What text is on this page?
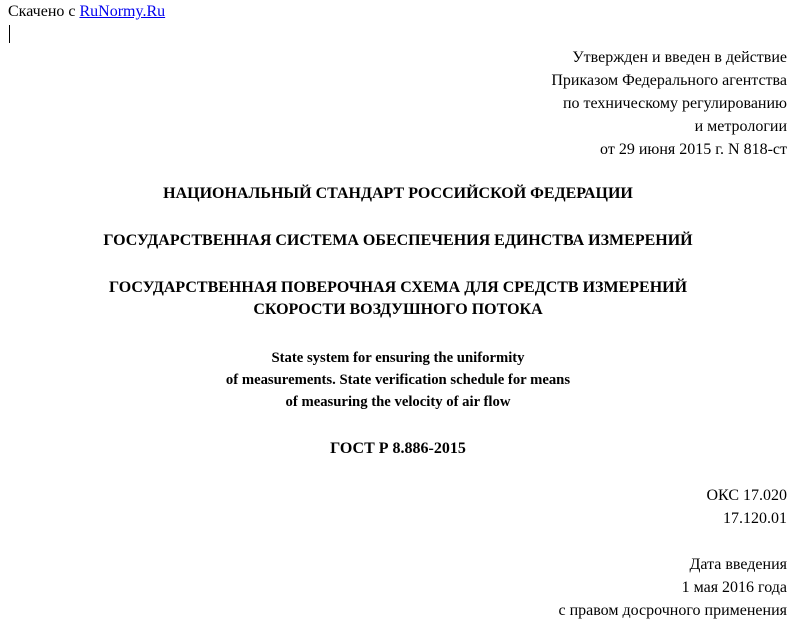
Скачено с RuNormy.Ru
Утвержден и введен в действие
Приказом Федерального агентства
по техническому регулированию
и метрологии
от 29 июня 2015 г. N 818-ст
НАЦИОНАЛЬНЫЙ СТАНДАРТ РОССИЙСКОЙ ФЕДЕРАЦИИ
ГОСУДАРСТВЕННАЯ СИСТЕМА ОБЕСПЕЧЕНИЯ ЕДИНСТВА ИЗМЕРЕНИЙ
ГОСУДАРСТВЕННАЯ ПОВЕРОЧНАЯ СХЕМА ДЛЯ СРЕДСТВ ИЗМЕРЕНИЙ
СКОРОСТИ ВОЗДУШНОГО ПОТОКА
State system for ensuring the uniformity
of measurements. State verification schedule for means
of measuring the velocity of air flow
ГОСТ Р 8.886-2015
ОКС 17.020
17.120.01
Дата введения
1 мая 2016 года
с правом досрочного применения
